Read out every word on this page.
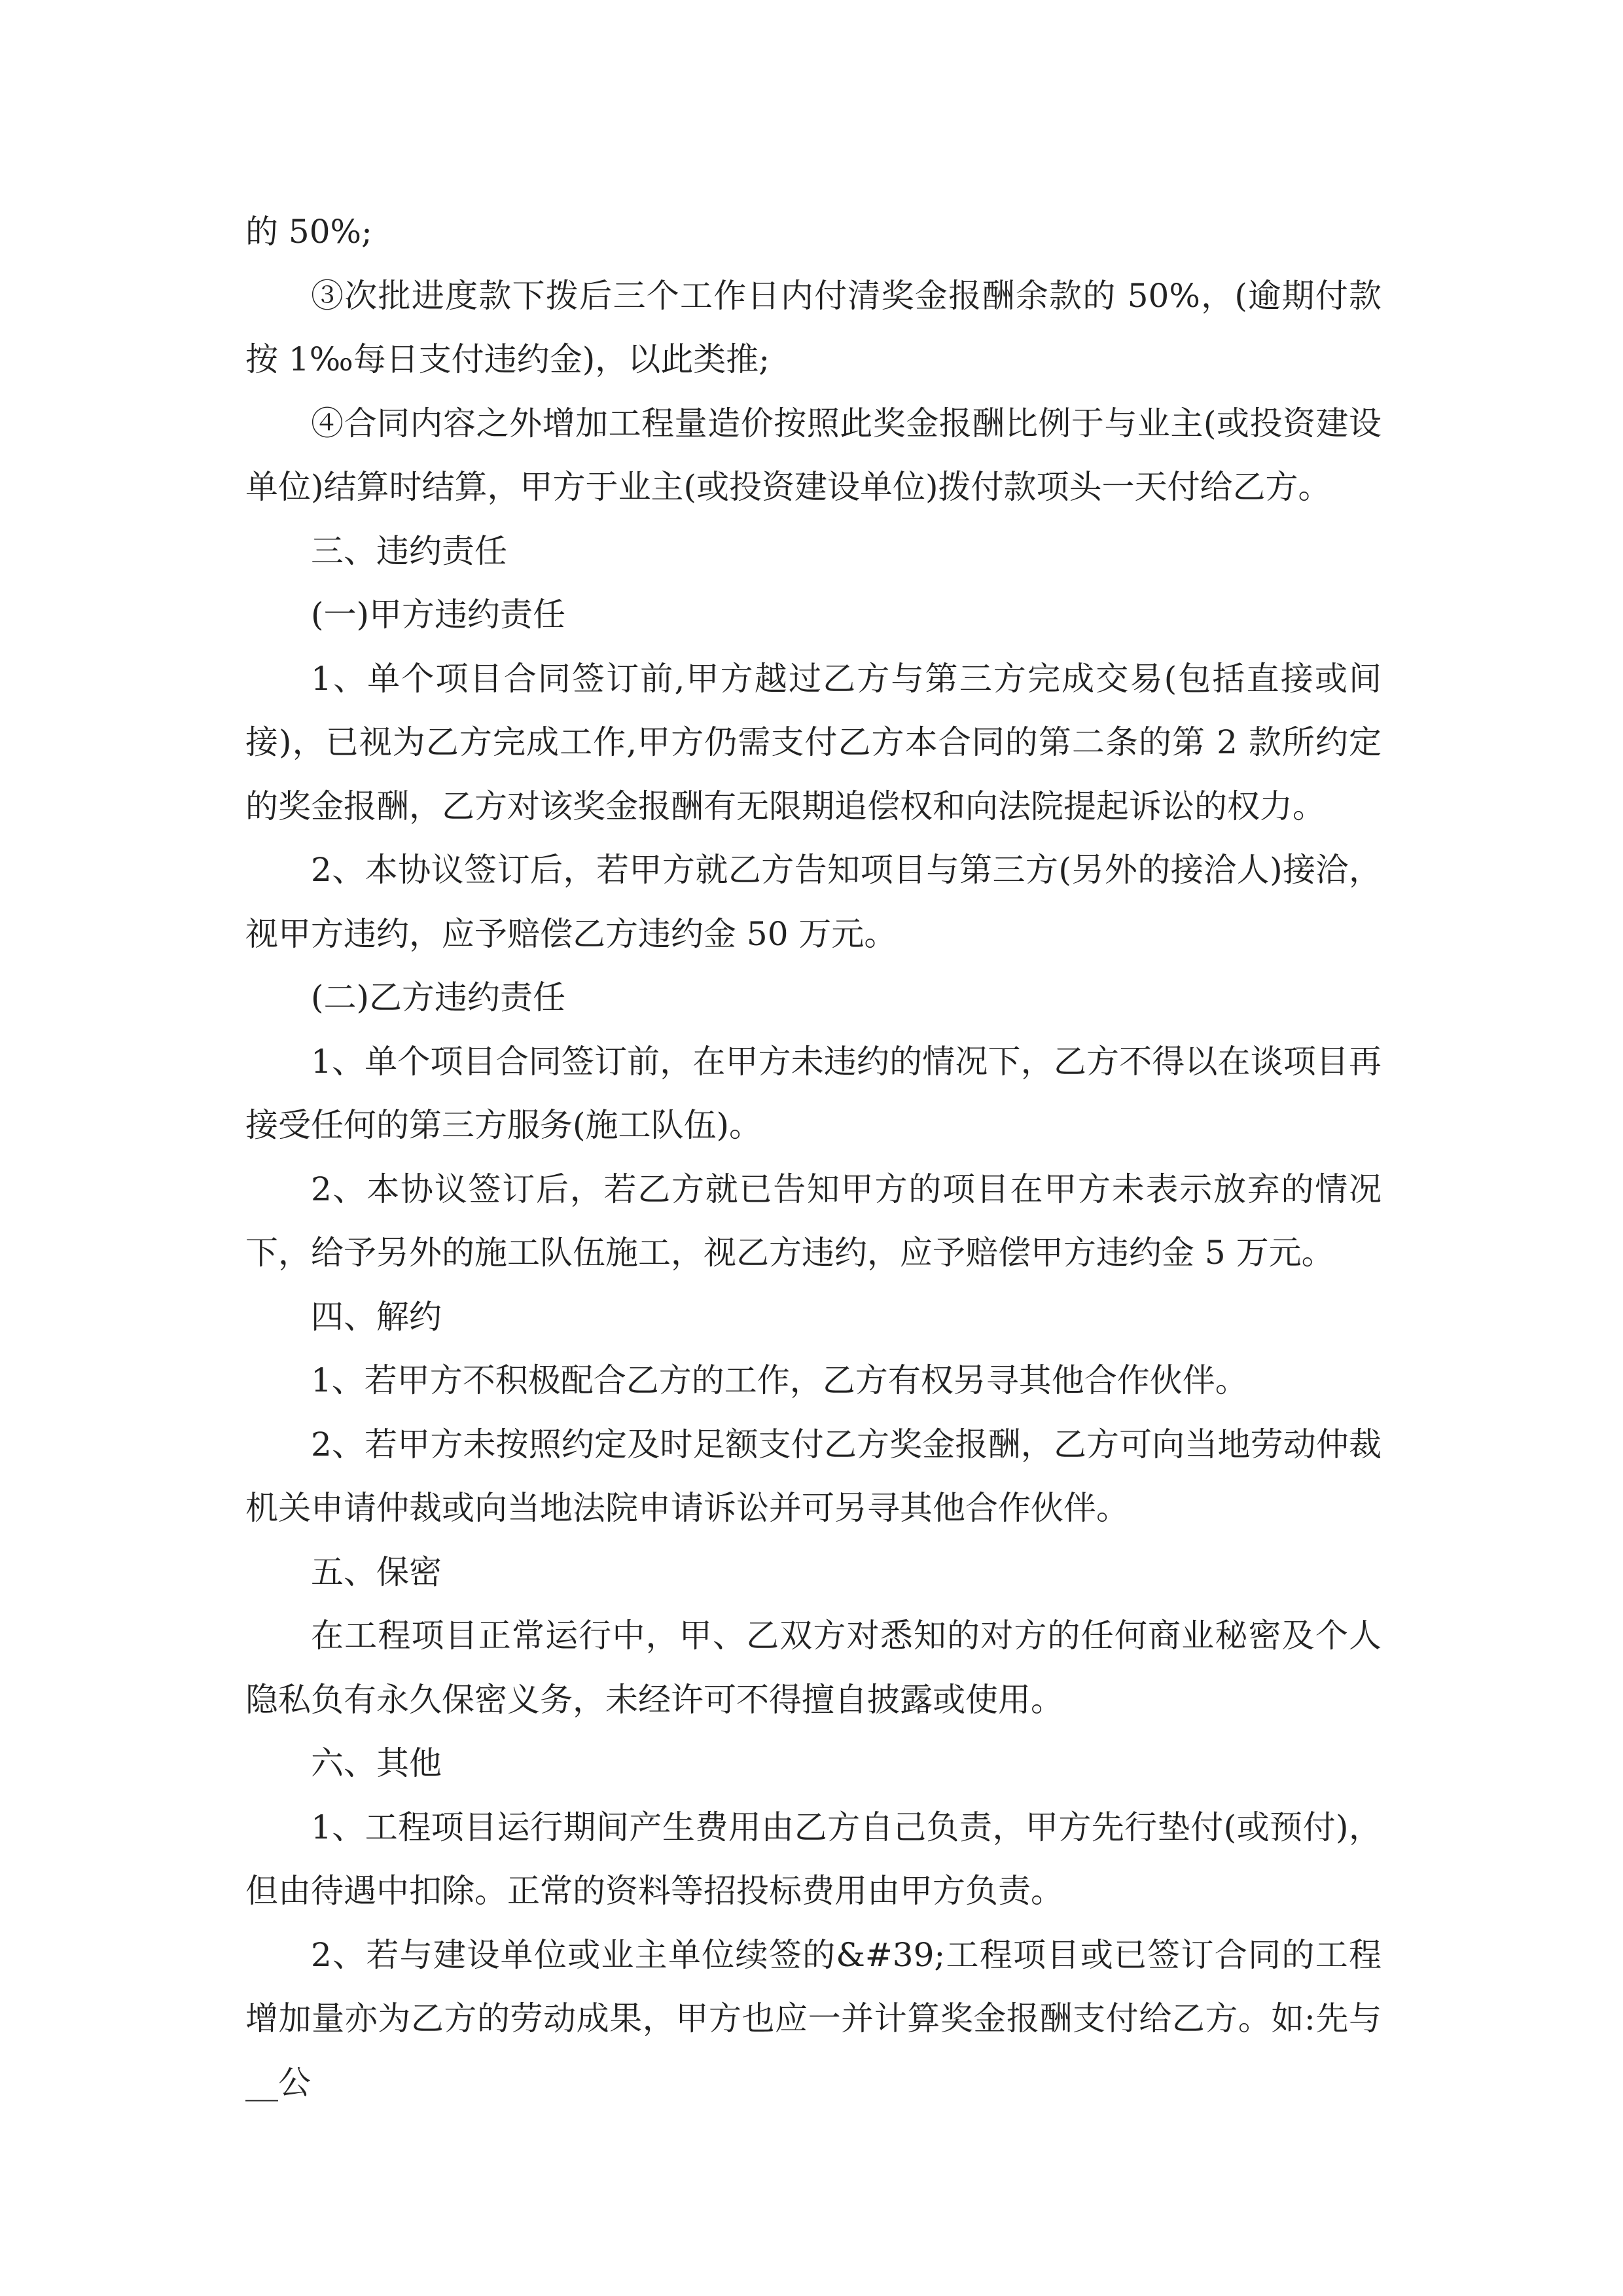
的 50%;

③次批进度款下拨后三个工作日内付清奖金报酬余款的 50%，(逾期付款按 1‰每日支付违约金)，以此类推;

④合同内容之外增加工程量造价按照此奖金报酬比例于与业主(或投资建设单位)结算时结算，甲方于业主(或投资建设单位)拨付款项头一天付给乙方。

三、违约责任

(一)甲方违约责任

1、单个项目合同签订前,甲方越过乙方与第三方完成交易(包括直接或间接)，已视为乙方完成工作,甲方仍需支付乙方本合同的第二条的第 2 款所约定的奖金报酬，乙方对该奖金报酬有无限期追偿权和向法院提起诉讼的权力。

2、本协议签订后，若甲方就乙方告知项目与第三方(另外的接洽人)接洽，视甲方违约，应予赔偿乙方违约金 50 万元。

(二)乙方违约责任

1、单个项目合同签订前，在甲方未违约的情况下，乙方不得以在谈项目再接受任何的第三方服务(施工队伍)。

2、本协议签订后，若乙方就已告知甲方的项目在甲方未表示放弃的情况下，给予另外的施工队伍施工，视乙方违约，应予赔偿甲方违约金 5 万元。

四、解约

1、若甲方不积极配合乙方的工作，乙方有权另寻其他合作伙伴。

2、若甲方未按照约定及时足额支付乙方奖金报酬，乙方可向当地劳动仲裁机关申请仲裁或向当地法院申请诉讼并可另寻其他合作伙伴。

五、保密

在工程项目正常运行中，甲、乙双方对悉知的对方的任何商业秘密及个人隐私负有永久保密义务，未经许可不得擅自披露或使用。

六、其他

1、工程项目运行期间产生费用由乙方自己负责，甲方先行垫付(或预付)，但由待遇中扣除。正常的资料等招投标费用由甲方负责。

2、若与建设单位或业主单位续签的&#39;工程项目或已签订合同的工程增加量亦为乙方的劳动成果，甲方也应一并计算奖金报酬支付给乙方。如:先与__公
